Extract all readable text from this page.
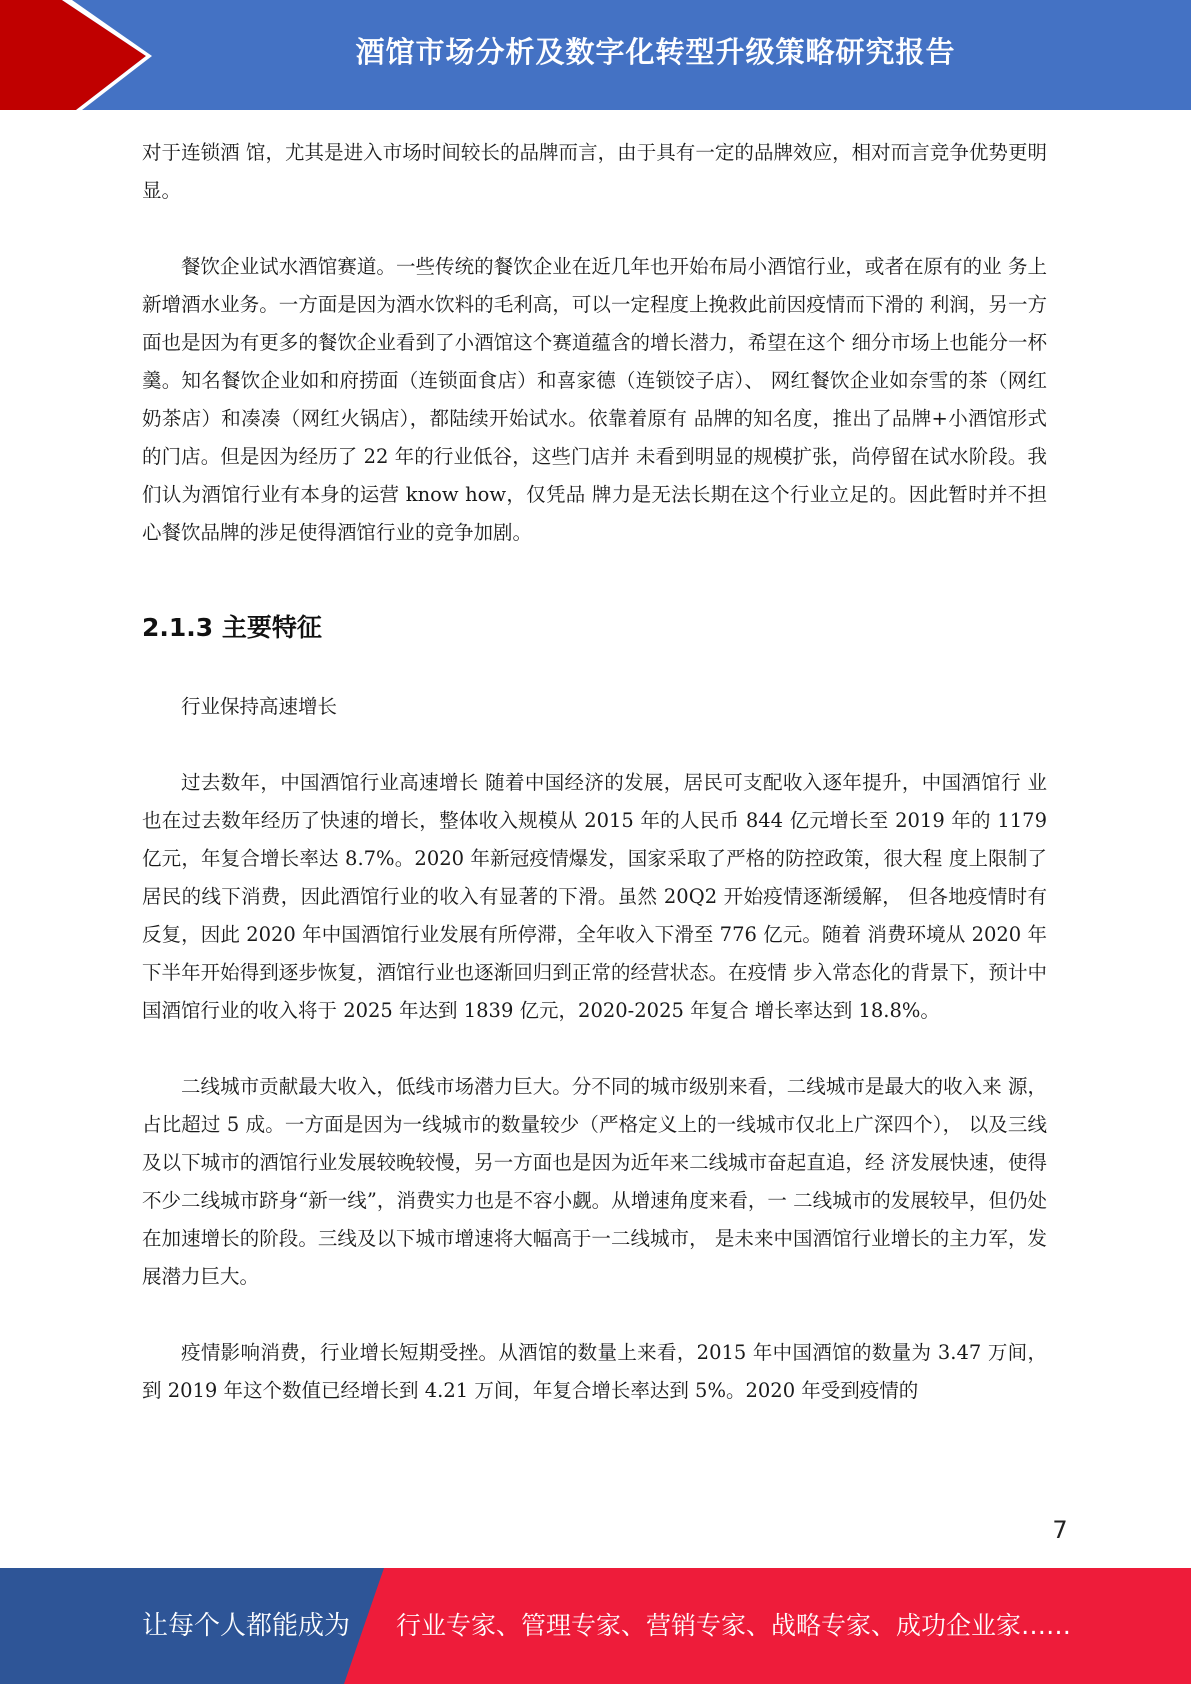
酒馆市场分析及数字化转型升级策略研究报告

对于连锁酒 馆，尤其是进入市场时间较长的品牌而言，由于具有一定的品牌效应，相对而言竞争优势更明显。

餐饮企业试水酒馆赛道。一些传统的餐饮企业在近几年也开始布局小酒馆行业，或者在原有的业 务上新增酒水业务。一方面是因为酒水饮料的毛利高，可以一定程度上挽救此前因疫情而下滑的 利润，另一方面也是因为有更多的餐饮企业看到了小酒馆这个赛道蕴含的增长潜力，希望在这个 细分市场上也能分一杯羹。知名餐饮企业如和府捞面（连锁面食店）和喜家德（连锁饺子店）、 网红餐饮企业如奈雪的茶（网红奶茶店）和凑凑（网红火锅店），都陆续开始试水。依靠着原有 品牌的知名度，推出了品牌+小酒馆形式的门店。但是因为经历了 22 年的行业低谷，这些门店并 未看到明显的规模扩张，尚停留在试水阶段。我们认为酒馆行业有本身的运营 know how，仅凭品 牌力是无法长期在这个行业立足的。因此暂时并不担心餐饮品牌的涉足使得酒馆行业的竞争加剧。

2.1.3 主要特征

行业保持高速增长

过去数年，中国酒馆行业高速增长 随着中国经济的发展，居民可支配收入逐年提升，中国酒馆行 业也在过去数年经历了快速的增长，整体收入规模从 2015 年的人民币 844 亿元增长至 2019 年的 1179 亿元，年复合增长率达 8.7%。2020 年新冠疫情爆发，国家采取了严格的防控政策，很大程 度上限制了居民的线下消费，因此酒馆行业的收入有显著的下滑。虽然 20Q2 开始疫情逐渐缓解， 但各地疫情时有反复，因此 2020 年中国酒馆行业发展有所停滞，全年收入下滑至 776 亿元。随着 消费环境从 2020 年下半年开始得到逐步恢复，酒馆行业也逐渐回归到正常的经营状态。在疫情 步入常态化的背景下，预计中国酒馆行业的收入将于 2025 年达到 1839 亿元，2020-2025 年复合 增长率达到 18.8%。

二线城市贡献最大收入，低线市场潜力巨大。分不同的城市级别来看，二线城市是最大的收入来 源，占比超过 5 成。一方面是因为一线城市的数量较少（严格定义上的一线城市仅北上广深四个）， 以及三线及以下城市的酒馆行业发展较晚较慢，另一方面也是因为近年来二线城市奋起直追，经 济发展快速，使得不少二线城市跻身“新一线”，消费实力也是不容小觑。从增速角度来看，一 二线城市的发展较早，但仍处在加速增长的阶段。三线及以下城市增速将大幅高于一二线城市， 是未来中国酒馆行业增长的主力军，发展潜力巨大。

疫情影响消费，行业增长短期受挫。从酒馆的数量上来看，2015 年中国酒馆的数量为 3.47 万间， 到 2019 年这个数值已经增长到 4.21 万间，年复合增长率达到 5%。2020 年受到疫情的

7
让每个人都能成为 行业专家、管理专家、营销专家、战略专家、成功企业家……
